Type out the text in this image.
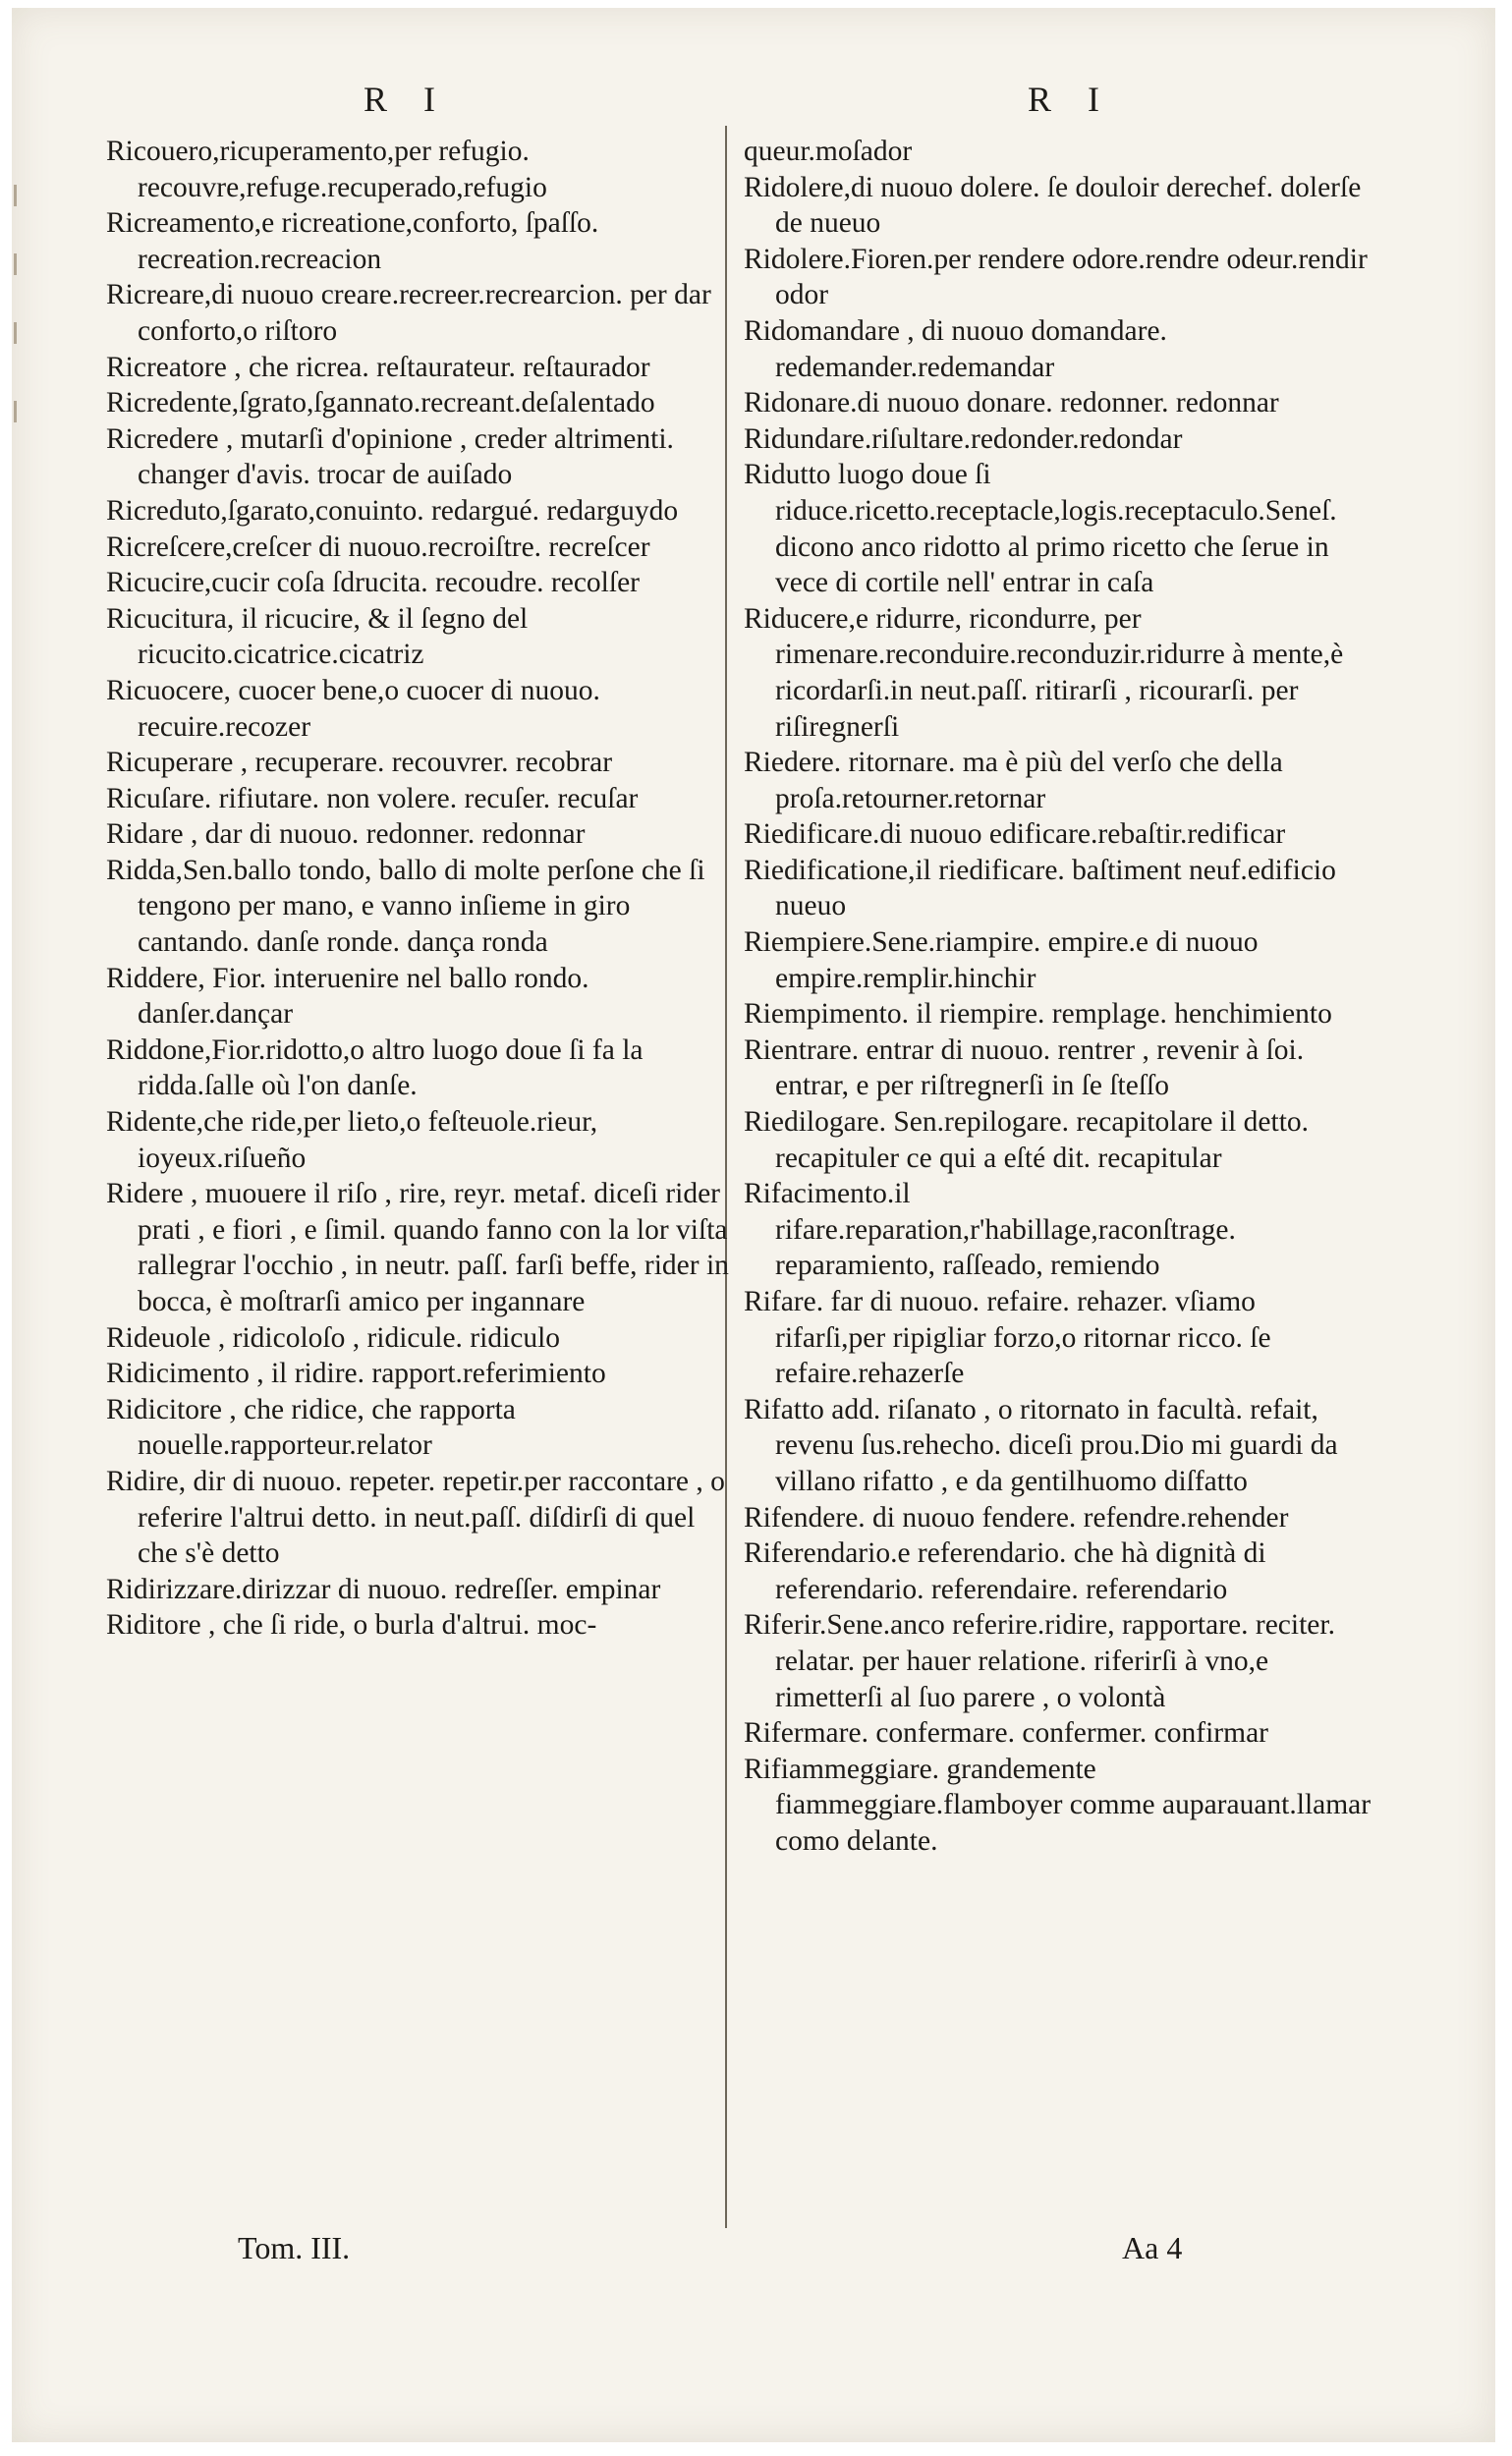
R I	R I

Ricouero,ricuperamento,per refugio. recouvre,refuge.recuperado,refugio

Ricreamento,e ricreatione,conforto, ſpaſſo. recreation.recreacion

Ricreare,di nuouo creare.recreer.recrearcion. per dar conforto,o riſtoro

Ricreatore , che ricrea. reſtaurateur. reſtaurador

Ricredente,ſgrato,ſgannato.recreant.deſalentado

Ricredere , mutarſi d'opinione , creder altrimenti. changer d'avis. trocar de auiſado

Ricreduto,ſgarato,conuinto. redargué. redarguydo

Ricreſcere,creſcer di nuouo.recroiſtre. recreſcer

Ricucire,cucir coſa ſdrucita. recoudre. recolſer

Ricucitura, il ricucire, & il ſegno del ricucito.cicatrice.cicatriz

Ricuocere, cuocer bene,o cuocer di nuouo. recuire.recozer

Ricuperare , recuperare. recouvrer. recobrar

Ricuſare. rifiutare. non volere. recuſer. recuſar

Ridare , dar di nuouo. redonner. redonnar

Ridda,Sen.ballo tondo, ballo di molte perſone che ſi tengono per mano, e vanno inſieme in giro cantando. danſe ronde. dança ronda

Riddere, Fior. interuenire nel ballo rondo. danſer.dançar

Riddone,Fior.ridotto,o altro luogo doue ſi fa la ridda.ſalle où l'on danſe.

Ridente,che ride,per lieto,o feſteuole.rieur, ioyeux.riſueño

Ridere , muouere il riſo , rire, reyr. metaf. diceſi rider prati , e fiori , e ſimil. quando fanno con la lor viſta rallegrar l'occhio , in neutr. paſſ. farſi beffe, rider in bocca, è moſtrarſi amico per ingannare

Rideuole , ridicoloſo , ridicule. ridiculo

Ridicimento , il ridire. rapport.referimiento

Ridicitore , che ridice, che rapporta nouelle.rapporteur.relator

Ridire, dir di nuouo. repeter. repetir.per raccontare , o referire l'altrui detto. in neut.paſſ. diſdirſi di quel che s'è detto

Ridirizzare.dirizzar di nuouo. redreſſer. empinar

Riditore , che ſi ride, o burla d'altrui. moc-

queur.moſador

Ridolere,di nuouo dolere. ſe douloir derechef. dolerſe de nueuo

Ridolere.Fioren.per rendere odore.rendre odeur.rendir odor

Ridomandare , di nuouo domandare. redemander.redemandar

Ridonare.di nuouo donare. redonner. redonnar

Ridundare.riſultare.redonder.redondar

Ridutto luogo doue ſi riduce.ricetto.receptacle,logis.receptaculo.Seneſ. dicono anco ridotto al primo ricetto che ſerue in vece di cortile nell' entrar in caſa

Riducere,e ridurre, ricondurre, per rimenare.reconduire.reconduzir.ridurre à mente,è ricordarſi.in neut.paſſ. ritirarſi , ricourarſi. per riſiregnerſi

Riedere. ritornare. ma è più del verſo che della proſa.retourner.retornar

Riedificare.di nuouo edificare.rebaſtir.redificar

Riedificatione,il riedificare. baſtiment neuf.edificio nueuo

Riempiere.Sene.riampire. empire.e di nuouo empire.remplir.hinchir

Riempimento. il riempire. remplage. henchimiento

Rientrare. entrar di nuouo. rentrer , revenir à ſoi. entrar, e per riſtregnerſi in ſe ſteſſo

Riedilogare. Sen.repilogare. recapitolare il detto. recapituler ce qui a eſté dit. recapitular

Rifacimento.il rifare.reparation,r'habillage,raconſtrage. reparamiento, raſſeado, remiendo

Rifare. far di nuouo. refaire. rehazer. vſiamo rifarſi,per ripigliar forzo,o ritornar ricco. ſe refaire.rehazerſe

Rifatto add. riſanato , o ritornato in facultà. refait, revenu ſus.rehecho. diceſi prou.Dio mi guardi da villano rifatto , e da gentilhuomo diſfatto

Rifendere. di nuouo fendere. refendre.rehender

Riferendario.e referendario. che hà dignità di referendario. referendaire. referendario

Riferir.Sene.anco referire.ridire, rapportare. reciter. relatar. per hauer relatione. riferirſi à vno,e rimetterſi al ſuo parere , o volontà

Rifermare. confermare. confermer. confirmar

Rifiammeggiare. grandemente fiammeggiare.flamboyer comme auparauant.llamar como delante.

Tom. III.	Aa 4
